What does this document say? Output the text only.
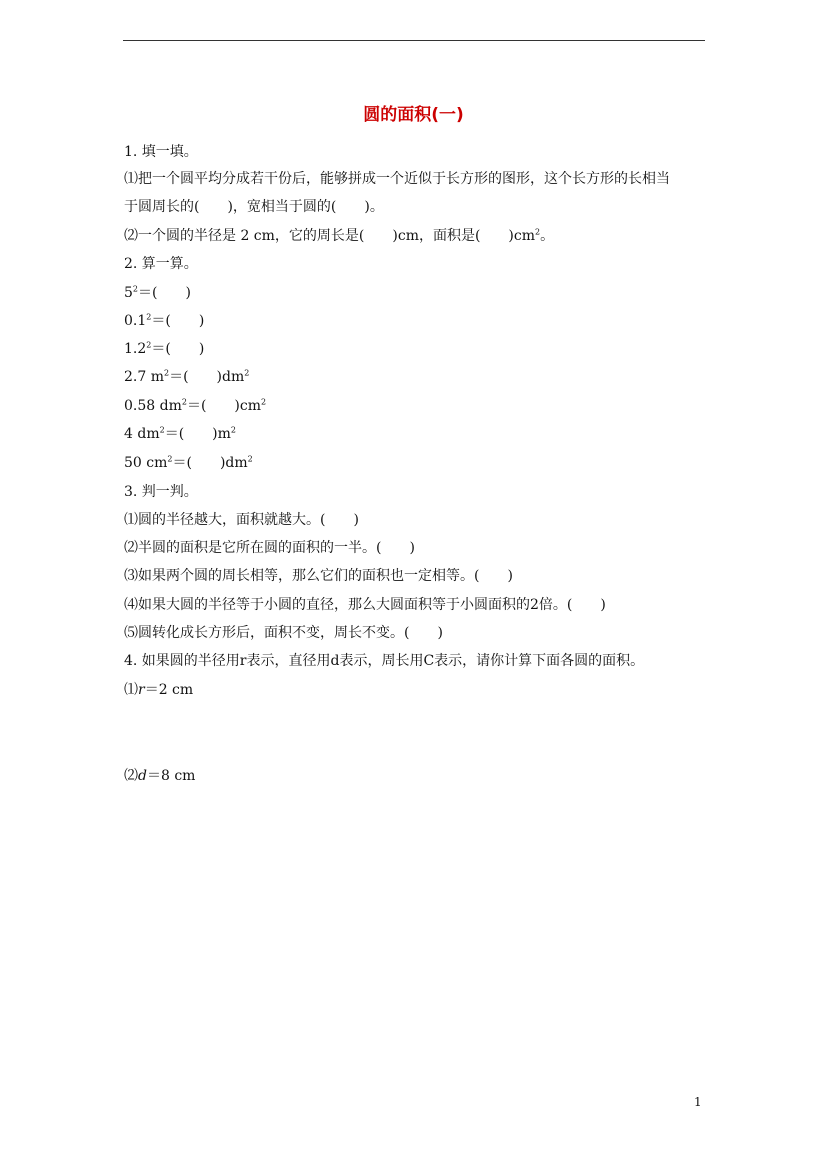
圆的面积(一)
1. 填一填。
⑴把一个圆平均分成若干份后，能够拼成一个近似于长方形的图形，这个长方形的长相当
于圆周长的(　　)，宽相当于圆的(　　)。
⑵一个圆的半径是 2 cm，它的周长是(　　)cm，面积是(　　)$cm^2$。
2. 算一算。
$5^2=$(　　)
$0.1^2=$(　　)
$1.2^2=$(　　)
2.7 $m^2=$(　　)$dm^2$
0.58 $dm^2=$(　　)$cm^2$
4 $dm^2=$(　　)$m^2$
50 $cm^2=$(　　)$dm^2$
3. 判一判。
⑴圆的半径越大，面积就越大。(　　)
⑵半圆的面积是它所在圆的面积的一半。(　　)
⑶如果两个圆的周长相等，那么它们的面积也一定相等。(　　)
⑷如果大圆的半径等于小圆的直径，那么大圆面积等于小圆面积的2倍。(　　)
⑸圆转化成长方形后，面积不变，周长不变。(　　)
4. 如果圆的半径用r表示，直径用d表示，周长用C表示，请你计算下面各圆的面积。
⑴r＝2 cm
⑵d＝8 cm
1
